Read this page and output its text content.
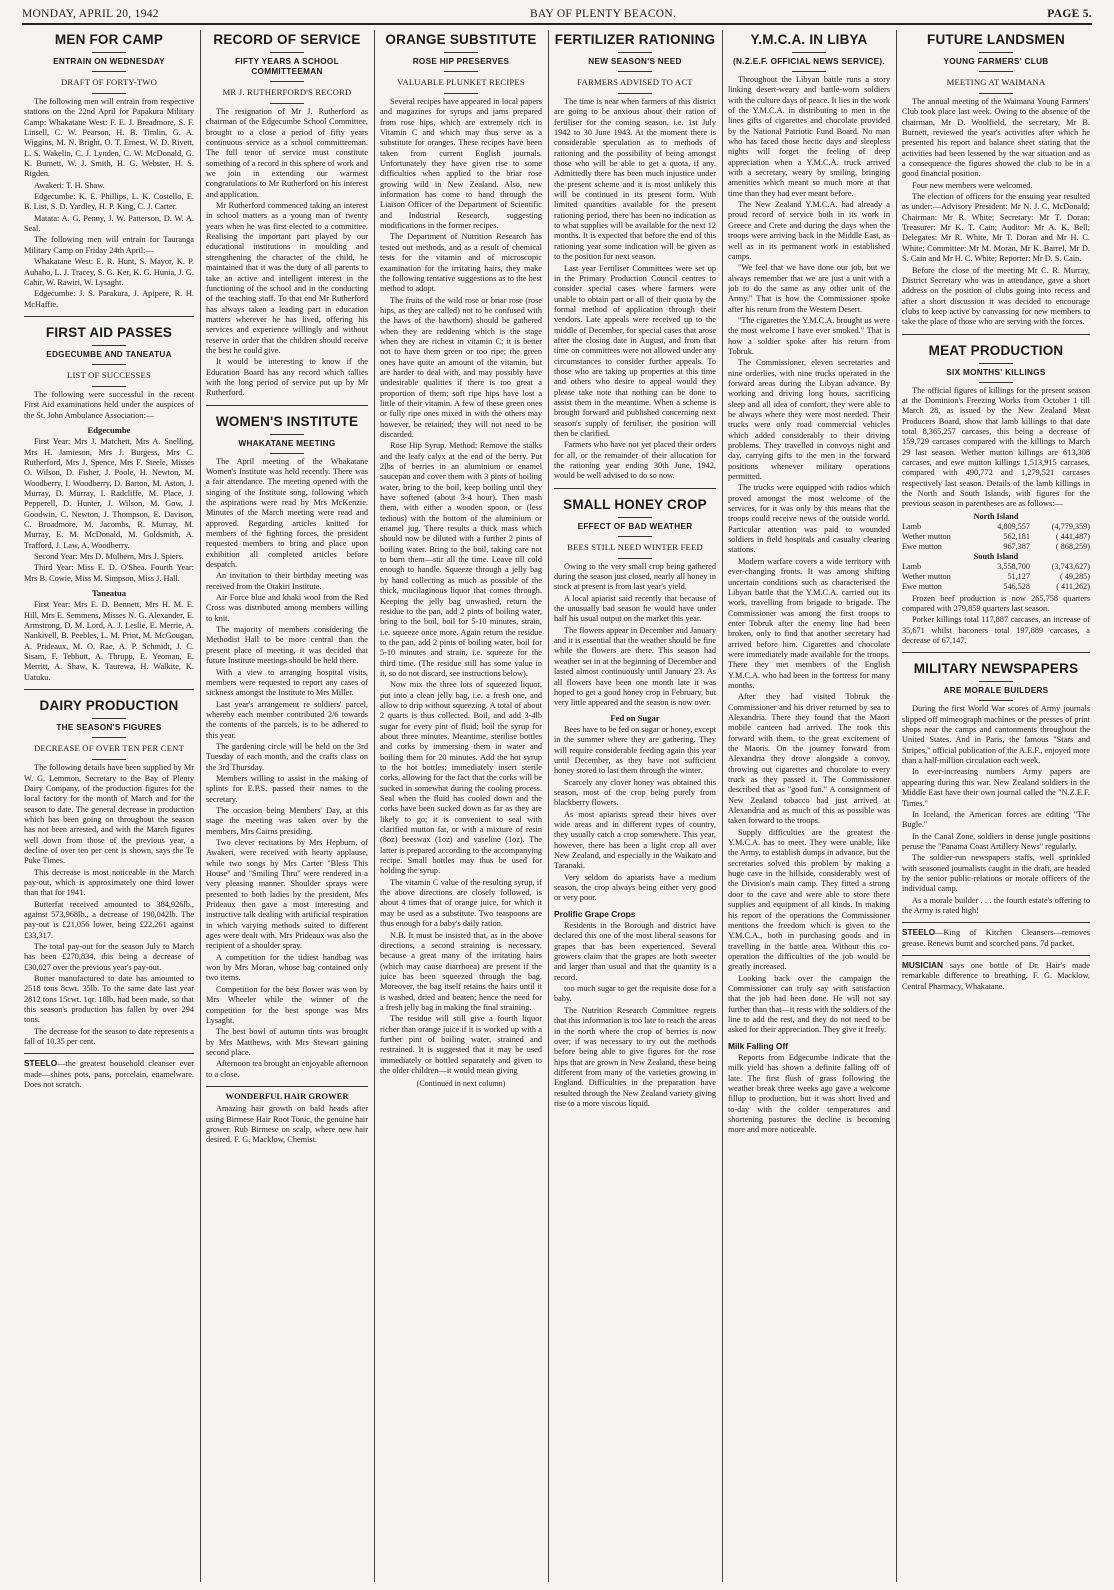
MONDAY, APRIL 20, 1942	BAY OF PLENTY BEACON.	PAGE 5.
MEN FOR CAMP
ENTRAIN ON WEDNESDAY
DRAFT OF FORTY-TWO
The following men will entrain from respective stations on the 22nd April for Papakura Military Camp: Whakatane West: F. E. J. Breadmore, S. F. Linsell, C. W. Pearson, H. B. Timlin, G. A. Wiggins, M. N. Bright, O. T. Ernest, W. D. Rivett, L. S. Wakelin, C. J. Lynden, C. W. McDonald, G. K. Burnett, W. J. Smith, H. G. Webster, H. S. Rigden.
Awakeri: T. H. Shaw.
Edgecumbe: K. E. Phillips, L. K. Costello, E. B. List, S. D. Yardley, H. P. King, C. J. Carter.
Matata: A. G. Penny, J. W. Patterson, D. W. A. Seal.
The following men will entrain for Tauranga Military Camp on Friday 24th April:—
Whakatane West: E. R. Hunt, S. Mayor, K. P. Auhaho, L. J. Tracey, S. G. Ker, K. G. Hunia, J. G. Cahir, W. Rawiri, W. Lysaght.
Edgecumbe: J. S. Parakura, J. Apipere, R. H. McHaffie.
FIRST AID PASSES
EDGECUMBE AND TANEATUA
LIST OF SUCCESSES
The following were successful in the recent First Aid examinations held under the auspices of the St. John Ambulance Association:—
Edgecumbe
First Year: Mrs J. Matchett, Mrs A. Snelling, Mrs H. Jamieson, Mrs J. Burgess, Mrs C. Rutherford, Mrs J. Spence, Mrs F. Steele, Misses O. Wilson, D. Fisher, J. Poole, H. Newton, M. Woodberry, I. Woodberry, D. Barton, M. Aston, J. Murray, D. Murray, I. Radcliffe, M. Place, J. Pepperell, D. Hunter, J. Wilson, M. Gow, J. Goodwin, C. Newton, J. Thompson, E. Davison, C. Broadmore, M. Jacombs, R. Murray, M. Murray, E. M. McDonald, M. Goldsmith, A. Trafford, J. Law, A. Woodberry.
Second Year: Mrs D. Mulhern, Mrs J. Spiers.
Third Year: Miss E. D. O'Shea. Fourth Year: Mrs B. Cowie, Miss M. Simpson, Miss J. Hall.
Taneatua
First Year: Mrs E. D. Bennett, Mrs H. M. E. Hill, Mrs E. Semmens, Misses N. G. Alexander, E. Armstrong, D. M. Lord, A. J. Leslie, E. Merrie, A. Nankivell, B. Peebles, L. M. Print, M. McGougan, A. Prideaux, M. O. Rae, A. P. Schmidt, J. C. Sisam, F. Tebbutt, A. Thrupp, E. Yeoman, E. Merritt, A. Shaw, K. Taurewa, H. Walkite, K. Uatuku.
DAIRY PRODUCTION
THE SEASON'S FIGURES
DECREASE OF OVER TEN PER CENT
The following details have been supplied by Mr W. G. Lemmon, Secretary to the Bay of Plenty Dairy Company, of the production figures for the local factory for the month of March and for the season to date. The general decrease in production which has been going on throughout the season has not been arrested, and with the March figures well down from those of the previous year, a decline of over ten per cent is shown, says the Te Puke Times.
This decrease is most noticeable in the March pay-out, which is approximately one third lower than that for 1941.
Butterfat received amounted to 384,926lb., against 573,968lb., a decrease of 190,042lb. The pay-out is £21,056 lower, being £22,261 against £33,317.
The total pay-out for the season July to March has been £270,834, this being a decrease of £30,027 over the previous year's pay-out.
Butter manufactured to date has amounted to 2518 tons 8cwt. 35lb. To the same date last year 2812 tons 15cwt. 1qr. 18lb. had been made, so that this season's production has fallen by over 294 tons.
The decrease for the season to date represents a fall of 10.35 per cent.
STEELO—the greatest household cleanser ever made—shines pots, pans, porcelain, enamelware. Does not scratch.
RECORD OF SERVICE
FIFTY YEARS A SCHOOL COMMITTEEMAN
MR J. RUTHERFORD'S RECORD
The resignation of Mr J. Rutherford as chairman of the Edgecumbe School Committee, brought to a close a period of fifty years continuous service as a school committeeman. The full tenor of service must constitute something of a record in this sphere of work and we join in extending our warmest congratulations to Mr Rutherford on his interest and application.
Mr Rutherford commenced taking an interest in school matters as a young man of twenty years when he was first elected to a committee. Realising the important part played by our educational institutions in moulding and strengthening the character of the child, he maintained that it was the duty of all parents to take an active and intelligent interest in the functioning of the school and in the conducting of the teaching staff. To that end Mr Rutherford has always taken a leading part in education matters wherever he has lived, offering his services and experience willingly and without reserve in order that the children should receive the best he could give.
It would be interesting to know if the Education Board has any record which tallies with the long period of service put up by Mr Rutherford.
WOMEN'S INSTITUTE
WHAKATANE MEETING
The April meeting of the Whakatane Women's Institute was held recently. There was a fair attendance. The meeting opened with the singing of the Institute song, following which the aspirations were read by Mrs McKenzie. Minutes of the March meeting were read and approved. Regarding articles knitted for members of the fighting forces, the president requested members to bring and place upon exhibition all completed articles before despatch.
An invitation to their birthday meeting was received from the Otakiri Institute.
Air Force blue and khaki wool from the Red Cross was distributed among members willing to knit.
The majority of members considering the Methodist Hall to be more central than the present place of meeting, it was decided that future Institute meetings should be held there.
With a view to arranging hospital visits, members were requested to report any cases of sickness amongst the Institute to Mrs Miller.
Last year's arrangement re soldiers' parcel, whereby each member contributed 2/6 towards the contents of the parcels, is to be adhered to this year.
The gardening circle will be held on the 3rd Tuesday of each month, and the crafts class on the 3rd Thursday.
Members willing to assist in the making of splints for E.P.S. passed their names to the secretary.
The occasion being Members' Day, at this stage the meeting was taken over by the members, Mrs Cairns presiding.
Two clever recitations by Mrs Hepburn, of Awakeri, were received with hearty applause, while two songs by Mrs Carter "Bless This House" and "Smiling Thru" were rendered in a very pleasing manner. Shoulder sprays were presented to both ladies by the president, Mrs Prideaux then gave a most interesting and instructive talk dealing with artificial respiration in which varying methods suited to different ages were dealt with. Mrs Prideaux was also the recipient of a shoulder spray.
A competition for the tidiest handbag was won by Mrs Moran, whose bag contained only two items.
Competition for the best flower was won by Mrs Wheeler while the winner of the competition for the best sponge was Mrs Lysaght.
The best bowl of autumn tints was brought by Mrs Matthews, with Mrs Stewart gaining second place.
Afternoon tea brought an enjoyable afternoon to a close.
WONDERFUL HAIR GROWER
Amazing hair growth on bald heads after using Birmese Hair Root Tonic, the genuine hair grower. Rub Birmese on scalp, where new hair desired. F. G. Macklow, Chemist.
ORANGE SUBSTITUTE
ROSE HIP PRESERVES
VALUABLE PLUNKET RECIPES
Several recipes have appeared in local papers and magazines for syrups and jams prepared from rose hips, which are extremely rich in Vitamin C and which may thus serve as a substitute for oranges. These recipes have been taken from current English journals. Unfortunately they have given rise to some difficulties when applied to the briar rose growing wild in New Zealand. Also, new information has come to hand through the Liaison Officer of the Department of Scientific and Industrial Research, suggesting modifications in the former recipes.
The Department of Nutrition Research has tested out methods, and as a result of chemical tests for the vitamin and of microscopic examination for the irritating hairs, they make the following tentative suggestions as to the best method to adopt.
The fruits of the wild rose or briar rose (rose hips, as they are called) not to be confused with the haws of the hawthorn) should be gathered when they are reddening which is the stage when they are richest in vitamin C; it is better not to have them green or too ripe; the green ones have quite an amount of the vitamin, but are harder to deal with, and may possibly have undesirable qualities if there is too great a proportion of them; soft ripe hips have lost a little of their vitamin. A few of these green ones or fully ripe ones mixed in with the others may however, be retained; they will not need to be discarded.
Rose Hip Syrup. Method: Remove the stalks and the leafy calyx at the end of the berry. Put 2lbs of berries in an aluminium or enamel saucepan and cover them with 3 pints of boiling water, bring to the boil, keep boiling until they have softened (about 3-4 hour). Then mash them, with either a wooden spoon, or (less tedious) with the bottom of the aluminium or enamel jug. There results a thick mass which should now be diluted with a further 2 pints of boiling water. Bring to the boil, taking care not to burn them—stir all the time. Leave till cold enough to handle. Squeeze through a jelly bag by hand collecting as much as possible of the thick, mucilaginous liquor that comes through. Keeping the jelly bag unwashed, return the residue to the pan, add 2 pints of boiling water, bring to the boil, boil for 5-10 minutes, strain, i.e. squeeze once more. Again return the residue to the pan, add 2 pints of boiling water, boil for 5-10 minutes and strain, i.e. squeeze for the third time. (The residue still has some value in it, so do not discard, see instructions below).
Now mix the three lots of squeezed liquor, put into a clean jelly bag, i.e. a fresh one, and allow to drip without squeezing. A total of about 2 quarts is thus collected. Boil, and add 3-4lb sugar for every pint of fluid; boil the syrup for about three minutes. Meantime, sterilise bottles and corks by immersing them in water and boiling them for 20 minutes. Add the hot syrup to the hot bottles; immediately insert sterile corks, allowing for the fact that the corks will be sucked in somewhat during the cooling process. Seal when the fluid has cooled down and the corks have been sucked down as far as they are likely to go; it is convenient to seal with clarified mutton fat, or with a mixture of resin (8oz) beeswax (1oz) and vaseline (1oz). The latter is prepared according to the accompanying recipe. Small bottles may thus be used for holding the syrup.
The vitamin C value of the resulting syrup, if the above directions are closely followed, is about 4 times that of orange juice, for which it may be used as a substitute. Two teaspoons are thus enough for a baby's daily ration.
N.B. It must be insisted that, as in the above directions, a second straining is necessary, because a great many of the irritating hairs (which may cause diarrhoea) are present if the juice has been squeezed through the bag. Moreover, the bag itself retains the hairs until it is washed, dried and beaten; hence the need for a fresh jelly bag in making the final straining.
The residue will still give a fourth liquor richer than orange juice if it is worked up with a further pint of boiling water, strained and restrained. It is suggested that it may be used immediately or bottled separately and given to the older children—it would mean giving
(Continued in next column)
FERTILIZER RATIONING
NEW SEASON'S NEED
FARMERS ADVISED TO ACT
The time is near when farmers of this district are going to be anxious about their ration of fertiliser for the coming season, i.e. 1st July 1942 to 30 June 1943. At the moment there is considerable speculation as to methods of rationing and the possibility of being amongst those who will be able to get a quota, if any. Admittedly there has been much injustice under the present scheme and it is most unlikely this will be continued in its present form. With limited quantities available for the present rationing period, there has been no indication as to what supplies will be available for the next 12 months. It is expected that before the end of this rationing year some indication will be given as to the position for next season.
Last year Fertiliser Committees were set up in the Primary Production Council centres to consider special cases where farmers were unable to obtain part or all of their quota by the formal method of application through their vendors. Late appeals were received up to the middle of December, for special cases that arose after the closing date in August, and from that time on committees were not allowed under any circumstances to consider further appeals. To those who are taking up properties at this time and others who desire to appeal would they please take note that nothing can be done to assist them in the meantime. When a scheme is brought forward and published concerning next season's supply of fertiliser, the position will then be clarified.
Farmers who have not yet placed their orders for all, or the remainder of their allocation for the rationing year ending 30th June, 1942, would be well advised to do so now.
SMALL HONEY CROP
EFFECT OF BAD WEATHER
BEES STILL NEED WINTER FEED
Owing to the very small crop being gathered during the season just closed, nearly all honey in stock at present is from last year's yield.
A local apiarist said recently that because of the unusually bad season he would have under half his usual output on the market this year.
The flowers appear in December and January and it is essential that the weather should be fine while the flowers are there. This season had weather set in at the beginning of December and lasted almost continuously until January 23. As all flowers have been one month late it was hoped to get a good honey crop in February, but very little appeared and the season is now over.
Fed on Sugar
Bees have to be fed on sugar or honey, except in the summer where they are gathering. They will require considerable feeding again this year until December, as they have not sufficient honey stored to last them through the winter.
Scarcely any clover honey was obtained this season, most of the crop being purely from blackberry flowers.
As most apiarists spread their hives over wide areas and in different types of country, they usually catch a crop somewhere. This year, however, there has been a light crop all over New Zealand, and especially in the Waikato and Taranaki.
Very seldom do apiarists have a medium season, the crop always being either very good or very poor.
Prolific Grape Crops
Residents in the Borough and district have declared this one of the most liberal seasons for grapes that has been experienced. Several growers claim that the grapes are both sweeter and larger than usual and that the quantity is a record.
too much sugar to get the requisite dose for a baby.
The Nutrition Research Committee regrets that this information is too late to reach the areas in the north where the crop of berries is now over; if was necessary to try out the methods before being able to give figures for the rose hips that are grown in New Zealand, these being different from many of the varieties growing in England. Difficulties in the preparation have resulted through the New Zealand variety giving rise to a more viscous liquid.
Y.M.C.A. IN LIBYA
(N.Z.E.F. OFFICIAL NEWS SERVICE).
Throughout the Libyan battle runs a story linking desert-weary and battle-worn soldiers with the culture days of peace. It lies in the work of the Y.M.C.A. in distributing to men in the lines gifts of cigarettes and chocolate provided by the National Patriotic Fund Board. No man who has faced those hectic days and sleepless nights will forget the feeling of deep appreciation when a Y.M.C.A. truck arrived with a secretary, weary by smiling, bringing amenities which meant so much more at that time than they had ever meant before.
The New Zealand Y.M.C.A. had already a proud record of service both in its work in Greece and Crete and during the days when the troops were arriving back in the Middle East, as well as in its permanent work in established camps.
"We feel that we have done our job, but we always remember that we are just a unit with a job to do the same as any other unit of the Army." That is how the Commissioner spoke after his return from the Western Desert.
"The cigarettes the Y.M.C.A. brought us were the most welcome I have ever smoked." That is how a soldier spoke after his return from Tobruk.
The Commissioner, eleven secretaries and nine orderlies, with nine trucks operated in the forward areas during the Libyan advance. By working and driving long hours, sacrificing sleep and all idea of comfort, they were able to be always where they were most needed. Their trucks were only road commercial vehicles which added considerably to their driving problems. They travelled in convoys night and day, carrying gifts to the men in the forward positions whenever military operations permitted.
The trucks were equipped with radios which proved amongst the most welcome of the services, for it was only by this means that the troops could receive news of the outside world. Particular attention was paid to wounded soldiers in field hospitals and casualty clearing stations.
Modern warfare covers a wide territory with ever-changing fronts. It was among shifting uncertain conditions such as characterised the Libyan battle that the Y.M.C.A. carried out its work, travelling from brigade to brigade. The Commissioner was among the first troops to enter Tobruk after the enemy line had been broken, only to find that another secretary had arrived before him. Cigarettes and chocolate were immediately made available for the troops. There they met members of the English Y.M.C.A. who had been in the fortress for many months.
After they had visited Tobruk the Commissioner and his driver returned by sea to Alexandria. There they found that the Maori mobile canteen had arrived. The took this forward with them, to the great excitement of the Maoris. On the journey forward from Alexandria they drove alongside a convoy, throwing out cigarettes and chocolate to every truck as they passed it. The Commissioner described that as "good fun." A consignment of New Zealand tobacco had just arrived at Alexandria and as much of this as possible was taken forward to the troops.
Supply difficulties are the greatest the Y.M.C.A. has to meet. They were unable, like the Army, to establish dumps in advance, but the secretaries solved this problem by making a huge cave in the hillside, considerably west of the Division's main camp. They fitted a strong door to the cave and were able to store there supplies and equipment of all kinds. In making his report of the operations the Commissioner mentions the freedom which is given to the Y.M.C.A., both in purchasing goods and in travelling in the battle area. Without this co-operation the difficulties of the job would be greatly increased.
Looking back over the campaign the Commissioner can truly say with satisfaction that the job had been done. He will not say further than that—it rests with the soldiers of the line to add the rest, and they do not need to be asked for their appreciation. They give it freely.
Milk Falling Off
Reports from Edgecumbe indicate that the milk yield has shown a definite falling off of late. The first flush of grass following the weather break three weeks ago gave a welcome fillup to production, but it was short lived and to-day with the colder temperatures and shortening pastures the decline is becoming more and more noticeable.
FUTURE LANDSMEN
YOUNG FARMERS' CLUB
MEETING AT WAIMANA
The annual meeting of the Waimana Young Farmers' Club took place last week. Owing to the absence of the chairman, Mr D. Woolfield, the secretary, Mr B. Burnett, reviewed the year's activities after which he presented his report and balance sheet stating that the activities had been lessened by the war situation and as a consequence the figures showed the club to be in a good financial position.
Four new members were welcomed.
The election of officers for the ensuing year resulted as under:—Advisory President: Mr N. J. C. McDonald; Chairman: Mr R. White; Secretary: Mr T. Doran; Treasurer: Mr K. T. Cain; Auditor: Mr A. K. Bell; Delegates: Mr R. White, Mr T. Doran and Mr H. C. White; Committee: Mr M. Moran, Mr K. Barrel, Mr D. S. Cain and Mr H. C. White; Reporter: Mr D. S. Cain.
Before the close of the meeting Mr C. R. Murray, District Secretary who was in attendance, gave a short address on the position of clubs going into recess and after a short discussion it was decided to encourage clubs to keep active by canvassing for new members to take the place of those who are serving with the forces.
MEAT PRODUCTION
SIX MONTHS' KILLINGS
The official figures of killings for the present season at the Dominion's Freezing Works from October 1 till March 28, as issued by the New Zealand Meat Producers Board, show that lamb killings to that date total 8,365,257 carcases, this being a decrease of 159,729 carcases compared with the killings to March 29 last season. Wether mutton killings are 613,308 carcases, and ewe mutton killings 1,513,915 carcases, compared with 490,772 and 1,279,521 carcases respectively last season. Details of the lamb killings in the North and South Islands, with figures for the previous season in parentheses are as follows:—
North Island		
Lamb	4,809,557	(4,779,359)
Wether mutton	562,181	( 441,487)
Ewe mutton	967,387	( 868,259)
South Island		
Lamb	3,558,700	(3,743,627)
Wether mutton	51,127	( 49,285)
Ewe mutton	546,528	( 411,262)
Frozen beef production is now 265,758 quarters compared with 279,859 quarters last season.
Porker killings total 117,887 carcases, an increase of 35,671 whilst baconers total 197,889 carcases, a decrease of 67,147.
MILITARY NEWSPAPERS
ARE MORALE BUILDERS
During the first World War scores of Army journals slipped off mimeograph machines or the presses of print shops near the camps and cantonments throughout the United States. And in Paris, the famous "Stars and Stripes," official publication of the A.E.F., enjoyed more than a half-million circulation each week.
In ever-increasing numbers Army papers are appearing during this war. New Zealand soldiers in the Middle East have their own journal called the "N.Z.E.F. Times."
In Iceland, the American forces are editing "The Bugle."
In the Canal Zone, soldiers in dense jungle positions peruse the "Panama Coast Artillery News" regularly.
The soldier-run newspapers staffs, well sprinkled with seasoned journalists caught in the draft, are headed by the senior public-relations or morale officers of the individual camp.
As a morale builder . . . the fourth estate's offering to the Army is rated high!
STEELO—King of Kitchen Cleansers—removes grease. Renews burnt and scorched pans. 7d packet.
MUSICIAN says one bottle of Dr. Hair's made remarkable difference to breathing. F. G. Macklow, Central Pharmacy, Whakatane.
